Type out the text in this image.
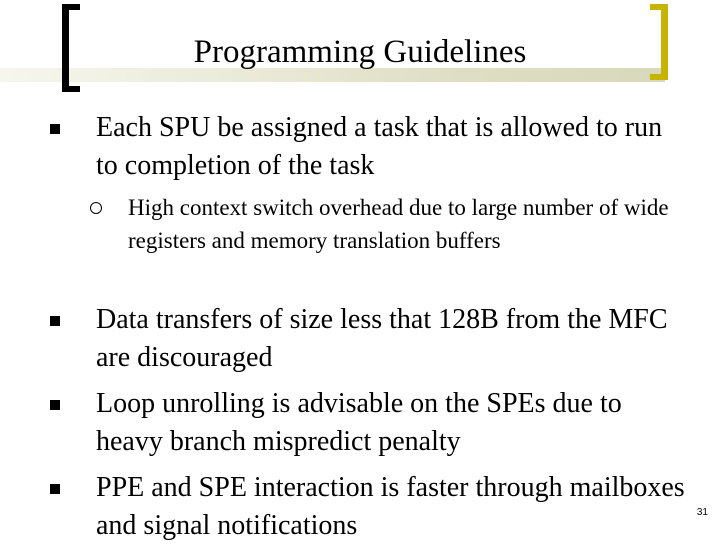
Programming Guidelines
Each SPU be assigned a task that is allowed to run to completion of the task
High context switch overhead due to large number of wide registers and memory translation buffers
Data transfers of size less that 128B from the MFC are discouraged
Loop unrolling is advisable on the SPEs due to heavy branch mispredict penalty
PPE and SPE interaction is faster through mailboxes and signal notifications	31
